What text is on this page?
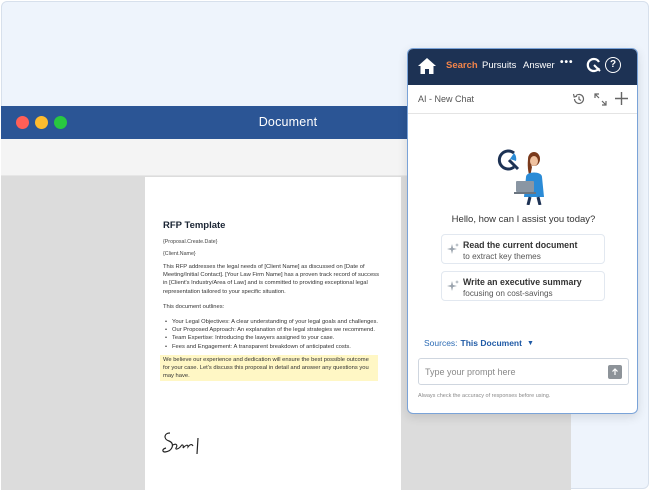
Document
RFP Template
{Proposal.Create.Date}
{Client.Name}

This RFP addresses the legal needs of [Client Name] as discussed on [Date of Meeting/Initial Contact]. [Your Law Firm Name] has a proven track record of success in [Client's Industry/Area of Law] and is committed to providing exceptional legal representation tailored to your specific situation.

This document outlines:

• Your Legal Objectives: A clear understanding of your legal goals and challenges.
• Our Proposed Approach: An explanation of the legal strategies we recommend.
• Team Expertise: Introducing the lawyers assigned to your case.
• Fees and Engagement: A transparent breakdown of anticipated costs.

We believe our experience and dedication will ensure the best possible outcome for your case. Let's discuss this proposal in detail and answer any questions you may have.

Search Pursuits Answer •••	?
AI - New Chat
Hello, how can I assist you today?
Read the current document
to extract key themes
Write an executive summary
focusing on cost-savings
Sources: This Document ▼
Type your prompt here
Always check the accuracy of responses before using.
